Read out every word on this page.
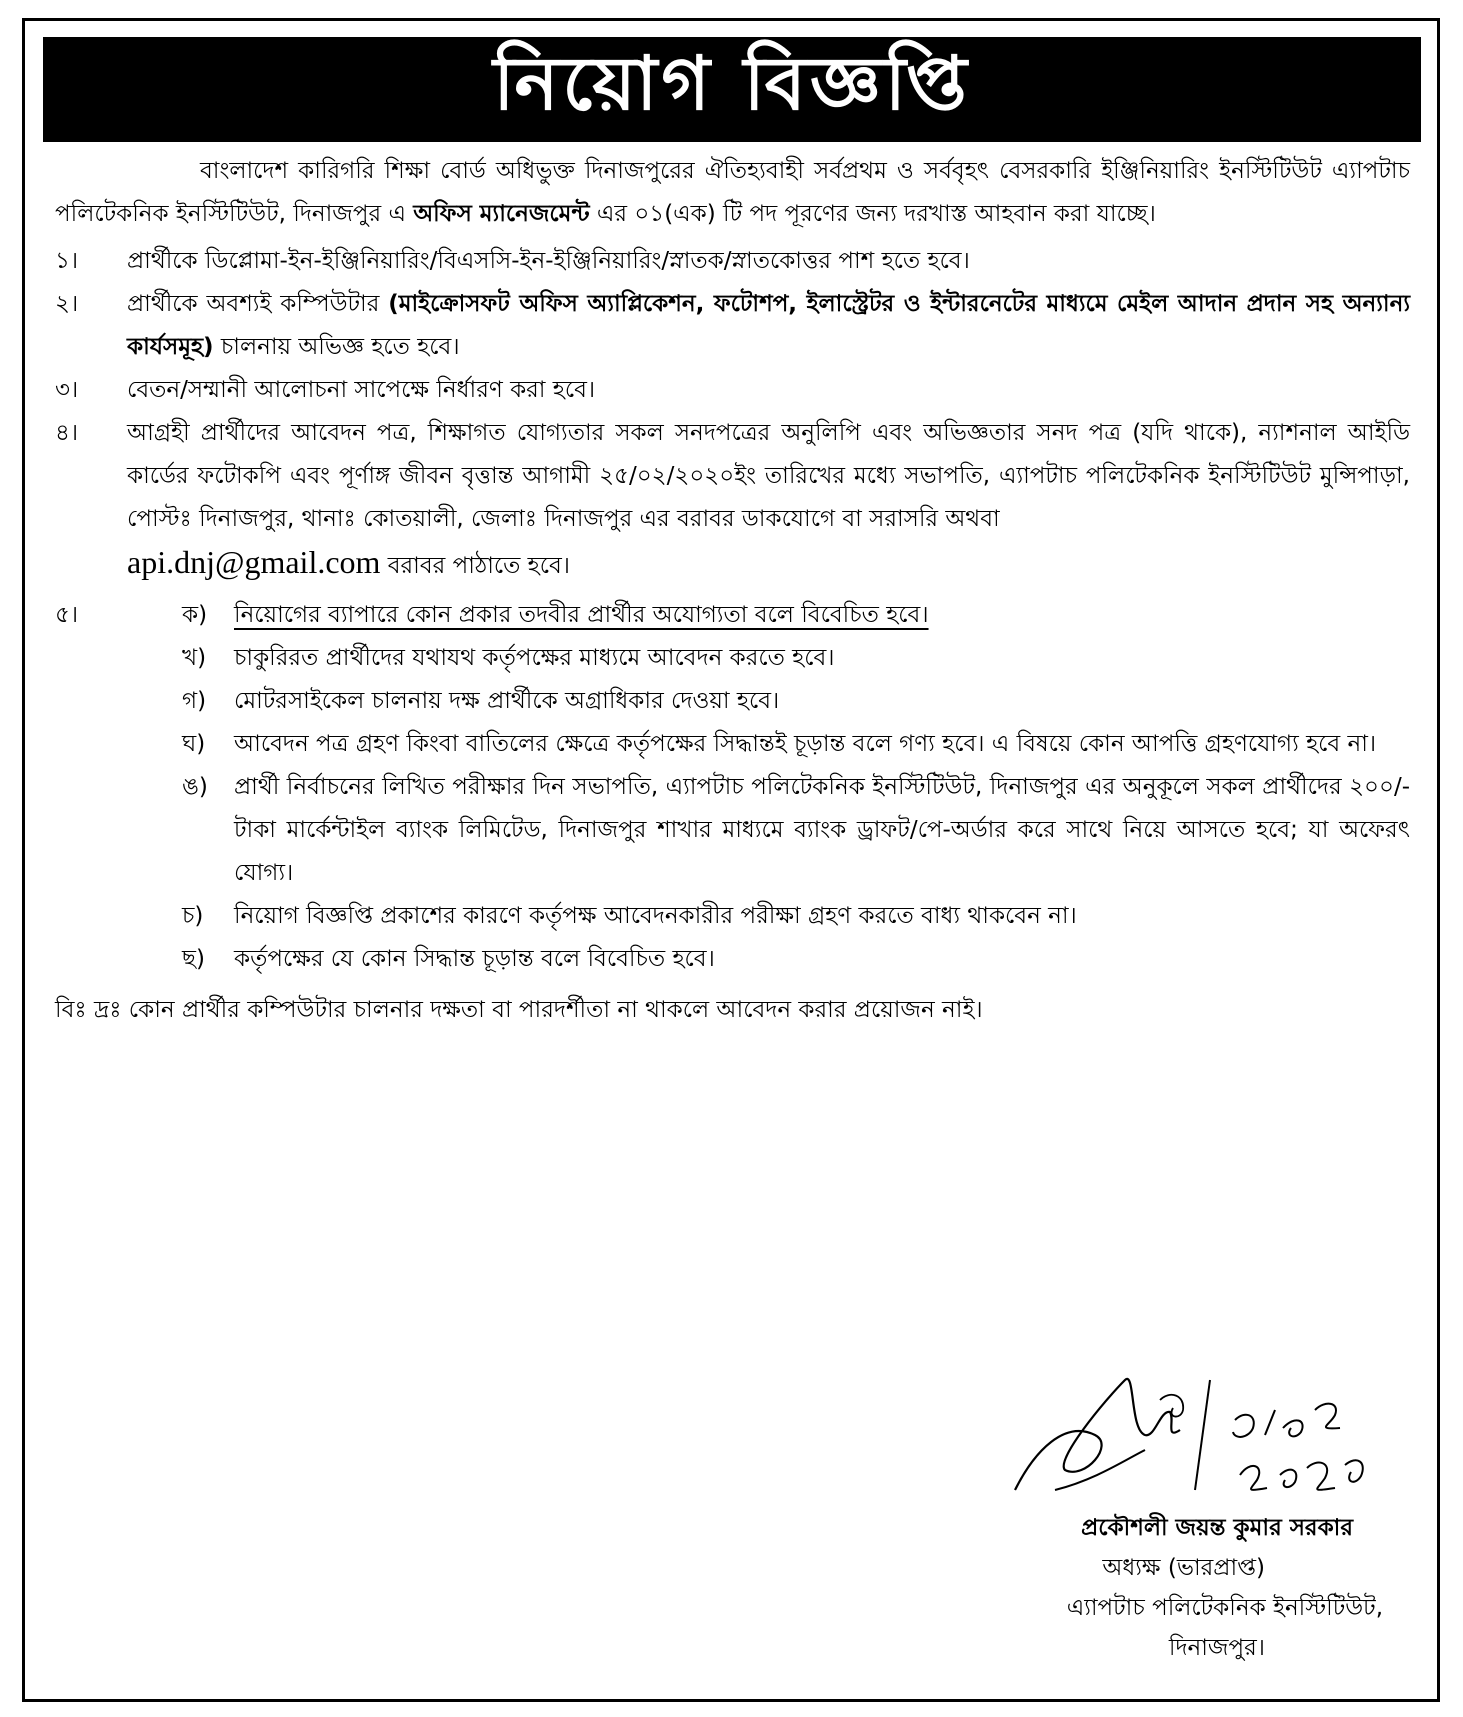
নিয়োগ বিজ্ঞপ্তি

বাংলাদেশ কারিগরি শিক্ষা বোর্ড অধিভুক্ত দিনাজপুরের ঐতিহ্যবাহী সর্বপ্রথম ও সর্ববৃহৎ বেসরকারি ইঞ্জিনিয়ারিং ইনস্টিটিউট এ্যাপটাচ পলিটেকনিক ইনস্টিটিউট, দিনাজপুর এ অফিস ম্যানেজমেন্ট এর ০১(এক) টি পদ পূরণের জন্য দরখাস্ত আহবান করা যাচ্ছে।

১।	প্রার্থীকে ডিপ্লোমা-ইন-ইঞ্জিনিয়ারিং/বিএসসি-ইন-ইঞ্জিনিয়ারিং/স্নাতক/স্নাতকোত্তর পাশ হতে হবে।
২।	প্রার্থীকে অবশ্যই কম্পিউটার (মাইক্রোসফট অফিস অ্যাপ্লিকেশন, ফটোশপ, ইলাস্ট্রেটর ও ইন্টারনেটের মাধ্যমে মেইল আদান প্রদান সহ অন্যান্য কার্যসমূহ) চালনায় অভিজ্ঞ হতে হবে।
৩।	বেতন/সম্মানী আলোচনা সাপেক্ষে নির্ধারণ করা হবে।
৪।	আগ্রহী প্রার্থীদের আবেদন পত্র, শিক্ষাগত যোগ্যতার সকল সনদপত্রের অনুলিপি এবং অভিজ্ঞতার সনদ পত্র (যদি থাকে), ন্যাশনাল আইডি কার্ডের ফটোকপি এবং পূর্ণাঙ্গ জীবন বৃত্তান্ত আগামী ২৫/০২/২০২০ইং তারিখের মধ্যে সভাপতি, এ্যাপটাচ পলিটেকনিক ইনস্টিটিউট মুন্সিপাড়া, পোস্টঃ দিনাজপুর, থানাঃ কোতয়ালী, জেলাঃ দিনাজপুর এর বরাবর ডাকযোগে বা সরাসরি অথবা
api.dnj@gmail.com বরাবর পাঠাতে হবে।
৫।	ক)	নিয়োগের ব্যাপারে কোন প্রকার তদবীর প্রার্থীর অযোগ্যতা বলে বিবেচিত হবে।
খ)	চাকুরিরত প্রার্থীদের যথাযথ কর্তৃপক্ষের মাধ্যমে আবেদন করতে হবে।
গ)	মোটরসাইকেল চালনায় দক্ষ প্রার্থীকে অগ্রাধিকার দেওয়া হবে।
ঘ)	আবেদন পত্র গ্রহণ কিংবা বাতিলের ক্ষেত্রে কর্তৃপক্ষের সিদ্ধান্তই চূড়ান্ত বলে গণ্য হবে। এ বিষয়ে কোন আপত্তি গ্রহণযোগ্য হবে না।
ঙ)	প্রার্থী নির্বাচনের লিখিত পরীক্ষার দিন সভাপতি, এ্যাপটাচ পলিটেকনিক ইনস্টিটিউট, দিনাজপুর এর অনুকূলে সকল প্রার্থীদের ২০০/- টাকা মার্কেন্টাইল ব্যাংক লিমিটেড, দিনাজপুর শাখার মাধ্যমে ব্যাংক ড্রাফট/পে-অর্ডার করে সাথে নিয়ে আসতে হবে; যা অফেরৎ যোগ্য।
চ)	নিয়োগ বিজ্ঞপ্তি প্রকাশের কারণে কর্তৃপক্ষ আবেদনকারীর পরীক্ষা গ্রহণ করতে বাধ্য থাকবেন না।
ছ)	কর্তৃপক্ষের যে কোন সিদ্ধান্ত চূড়ান্ত বলে বিবেচিত হবে।

বিঃ দ্রঃ কোন প্রার্থীর কম্পিউটার চালনার দক্ষতা বা পারদর্শীতা না থাকলে আবেদন করার প্রয়োজন নাই।

প্রকৌশলী জয়ন্ত কুমার সরকার
অধ্যক্ষ (ভারপ্রাপ্ত)
এ্যাপটাচ পলিটেকনিক ইনস্টিটিউট,
দিনাজপুর।
